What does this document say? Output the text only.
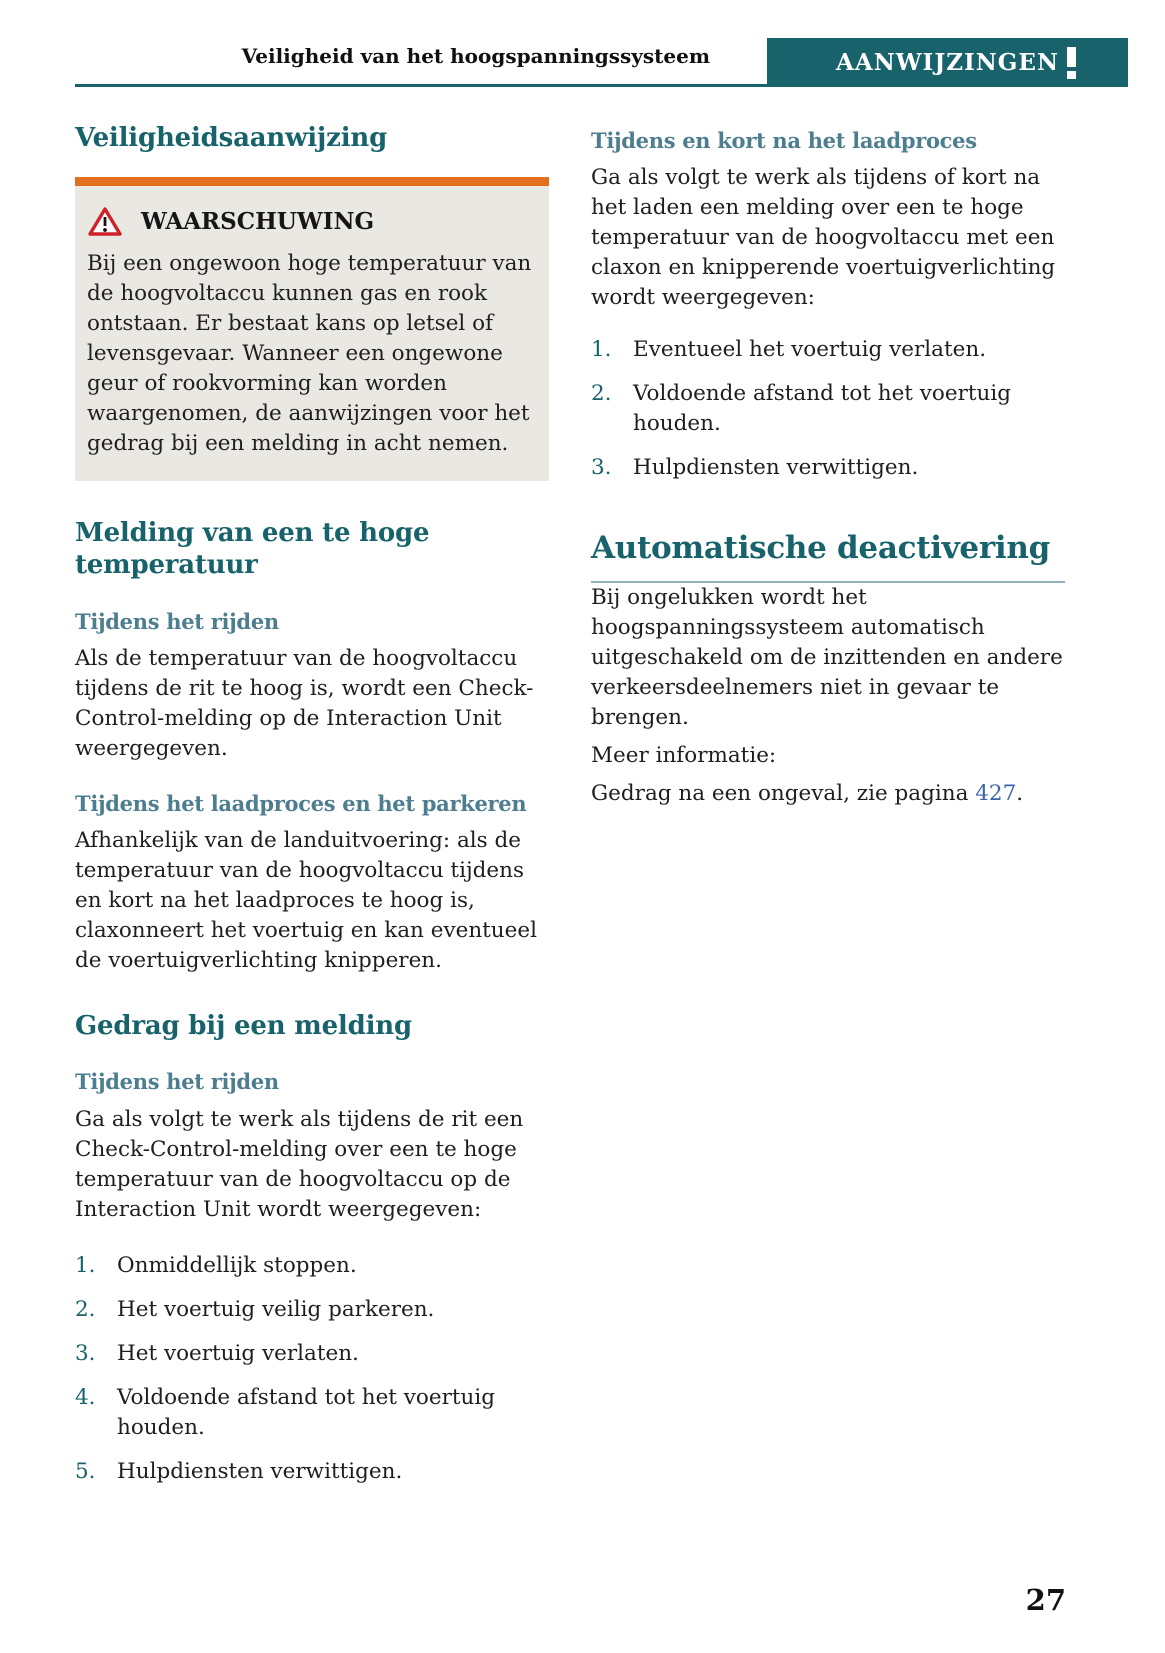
Veiligheid van het hoogspanningssysteem	AANWIJZINGEN
Veiligheidsaanwijzing
WAARSCHUWING

Bij een ongewoon hoge temperatuur van de hoogvoltaccu kunnen gas en rook ontstaan. Er bestaat kans op letsel of levensgevaar. Wanneer een ongewone geur of rookvorming kan worden waargenomen, de aanwijzingen voor het gedrag bij een melding in acht nemen.

Melding van een te hoge temperatuur
Tijdens het rijden

Als de temperatuur van de hoogvoltaccu tijdens de rit te hoog is, wordt een Check-Control-melding op de Interaction Unit weergegeven.

Tijdens het laadproces en het parkeren

Afhankelijk van de landuitvoering: als de temperatuur van de hoogvoltaccu tijdens en kort na het laadproces te hoog is, claxonneert het voertuig en kan eventueel de voertuigverlichting knipperen.

Gedrag bij een melding
Tijdens het rijden

Ga als volgt te werk als tijdens de rit een Check-Control-melding over een te hoge temperatuur van de hoogvoltaccu op de Interaction Unit wordt weergegeven:

1. Onmiddellijk stoppen.
2. Het voertuig veilig parkeren.
3. Het voertuig verlaten.
4. Voldoende afstand tot het voertuig houden.
5. Hulpdiensten verwittigen.
Tijdens en kort na het laadproces

Ga als volgt te werk als tijdens of kort na het laden een melding over een te hoge temperatuur van de hoogvoltaccu met een claxon en knipperende voertuigverlichting wordt weergegeven:

1. Eventueel het voertuig verlaten.
2. Voldoende afstand tot het voertuig houden.
3. Hulpdiensten verwittigen.
Automatische deactivering

Bij ongelukken wordt het hoogspanningssysteem automatisch uitgeschakeld om de inzittenden en andere verkeersdeelnemers niet in gevaar te brengen.

Meer informatie:

Gedrag na een ongeval, zie pagina 427.

27
